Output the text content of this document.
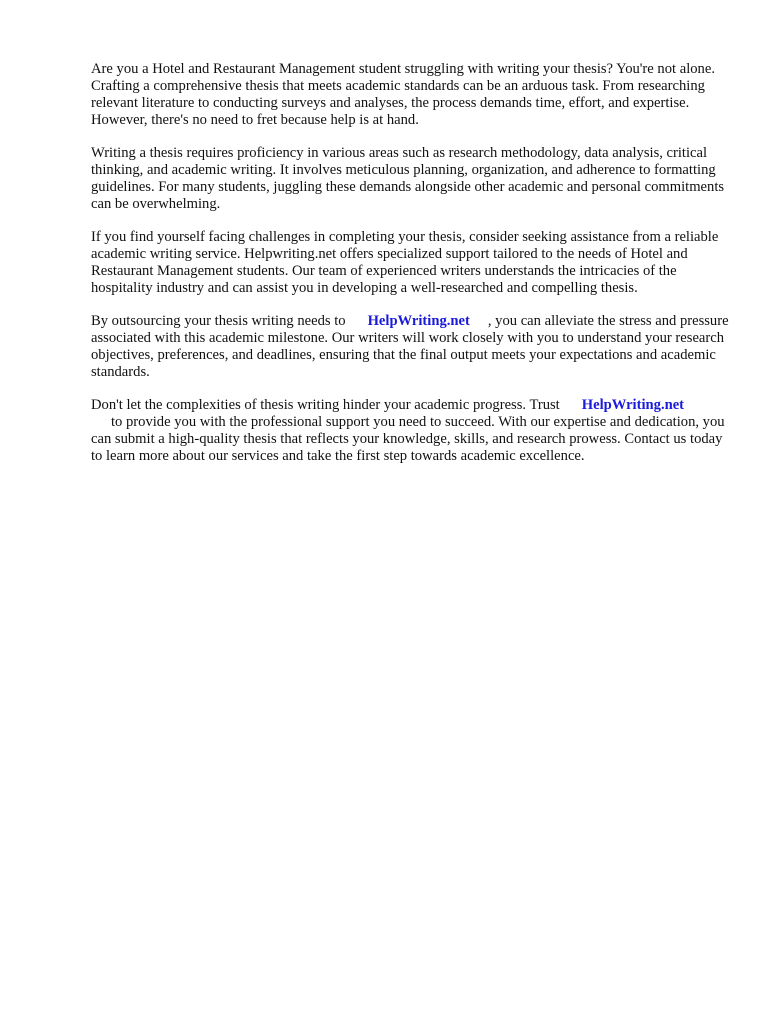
Are you a Hotel and Restaurant Management student struggling with writing your thesis? You're not alone. Crafting a comprehensive thesis that meets academic standards can be an arduous task. From researching relevant literature to conducting surveys and analyses, the process demands time, effort, and expertise. However, there's no need to fret because help is at hand.

Writing a thesis requires proficiency in various areas such as research methodology, data analysis, critical thinking, and academic writing. It involves meticulous planning, organization, and adherence to formatting guidelines. For many students, juggling these demands alongside other academic and personal commitments can be overwhelming.

If you find yourself facing challenges in completing your thesis, consider seeking assistance from a reliable academic writing service. Helpwriting.net offers specialized support tailored to the needs of Hotel and Restaurant Management students. Our team of experienced writers understands the intricacies of the hospitality industry and can assist you in developing a well-researched and compelling thesis.

By outsourcing your thesis writing needs to HelpWriting.net , you can alleviate the stress and pressure associated with this academic milestone. Our writers will work closely with you to understand your research objectives, preferences, and deadlines, ensuring that the final output meets your expectations and academic standards.

Don't let the complexities of thesis writing hinder your academic progress. Trust HelpWriting.net
to provide you with the professional support you need to succeed. With our expertise and dedication, you can submit a high-quality thesis that reflects your knowledge, skills, and research prowess. Contact us today to learn more about our services and take the first step towards academic excellence.
